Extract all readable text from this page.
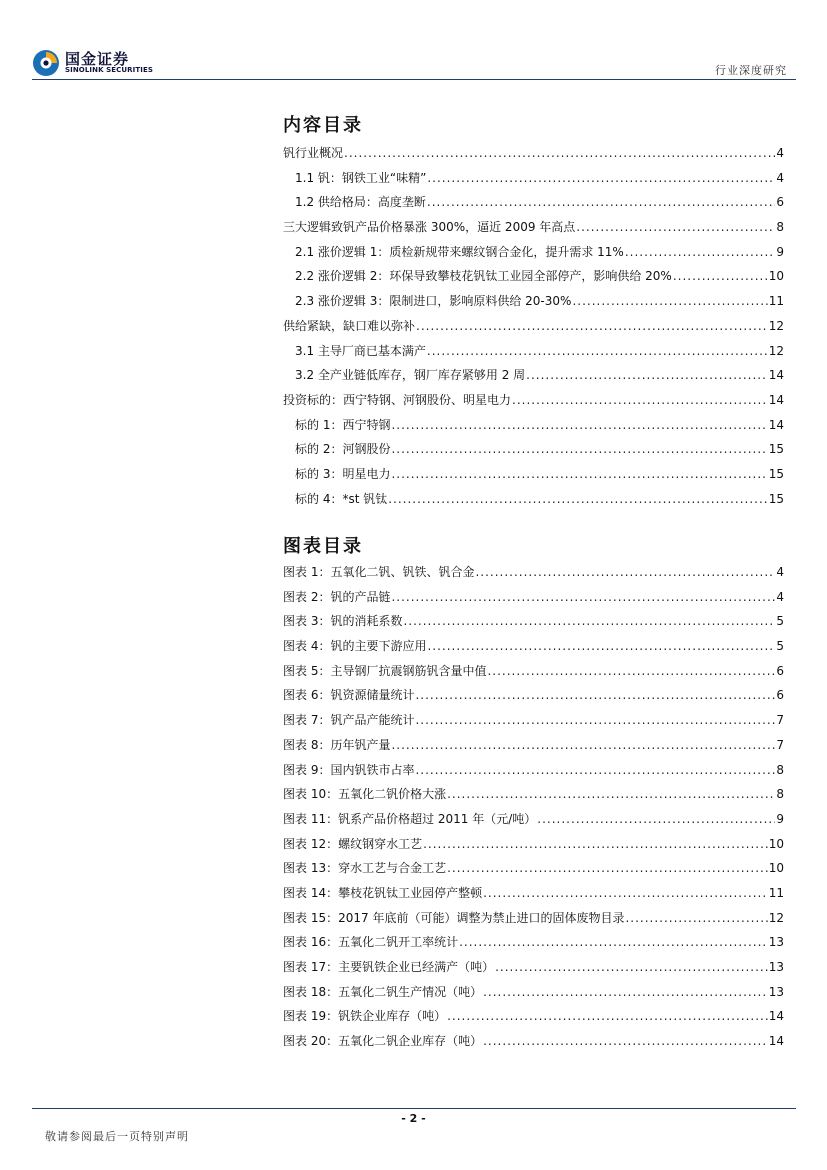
国金证券
SINOLINK SECURITIES	行业深度研究
内容目录
钒行业概况 .....	4
1.1 钒：钢铁工业“味精” .....	4
1.2 供给格局：高度垄断 .....	6
三大逻辑致钒产品价格暴涨 300%，逼近 2009 年高点 .....	8
2.1 涨价逻辑 1：质检新规带来螺纹钢合金化，提升需求 11% .....	9
2.2 涨价逻辑 2：环保导致攀枝花钒钛工业园全部停产，影响供给 20% .....	10
2.3 涨价逻辑 3：限制进口，影响原料供给 20-30% .....	11
供给紧缺，缺口难以弥补 .....	12
3.1 主导厂商已基本满产 .....	12
3.2 全产业链低库存，钢厂库存紧够用 2 周 .....	14
投资标的：西宁特钢、河钢股份、明星电力 .....	14
标的 1：西宁特钢 .....	14
标的 2：河钢股份 .....	15
标的 3：明星电力 .....	15
标的 4：*st 钒钛 .....	15
图表目录
图表 1：五氧化二钒、钒铁、钒合金 .....	4
图表 2：钒的产品链 .....	4
图表 3：钒的消耗系数 .....	5
图表 4：钒的主要下游应用 .....	5
图表 5：主导钢厂抗震钢筋钒含量中值 .....	6
图表 6：钒资源储量统计 .....	6
图表 7：钒产品产能统计 .....	7
图表 8：历年钒产量 .....	7
图表 9：国内钒铁市占率 .....	8
图表 10：五氧化二钒价格大涨 .....	8
图表 11：钒系产品价格超过 2011 年（元/吨） .....	9
图表 12：螺纹钢穿水工艺 .....	10
图表 13：穿水工艺与合金工艺 .....	10
图表 14：攀枝花钒钛工业园停产整顿 .....	11
图表 15：2017 年底前（可能）调整为禁止进口的固体废物目录 .....	12
图表 16：五氧化二钒开工率统计 .....	13
图表 17：主要钒铁企业已经满产（吨） .....	13
图表 18：五氧化二钒生产情况（吨） .....	13
图表 19：钒铁企业库存（吨） .....	14
图表 20：五氧化二钒企业库存（吨） .....	14
- 2 -
敬请参阅最后一页特别声明
